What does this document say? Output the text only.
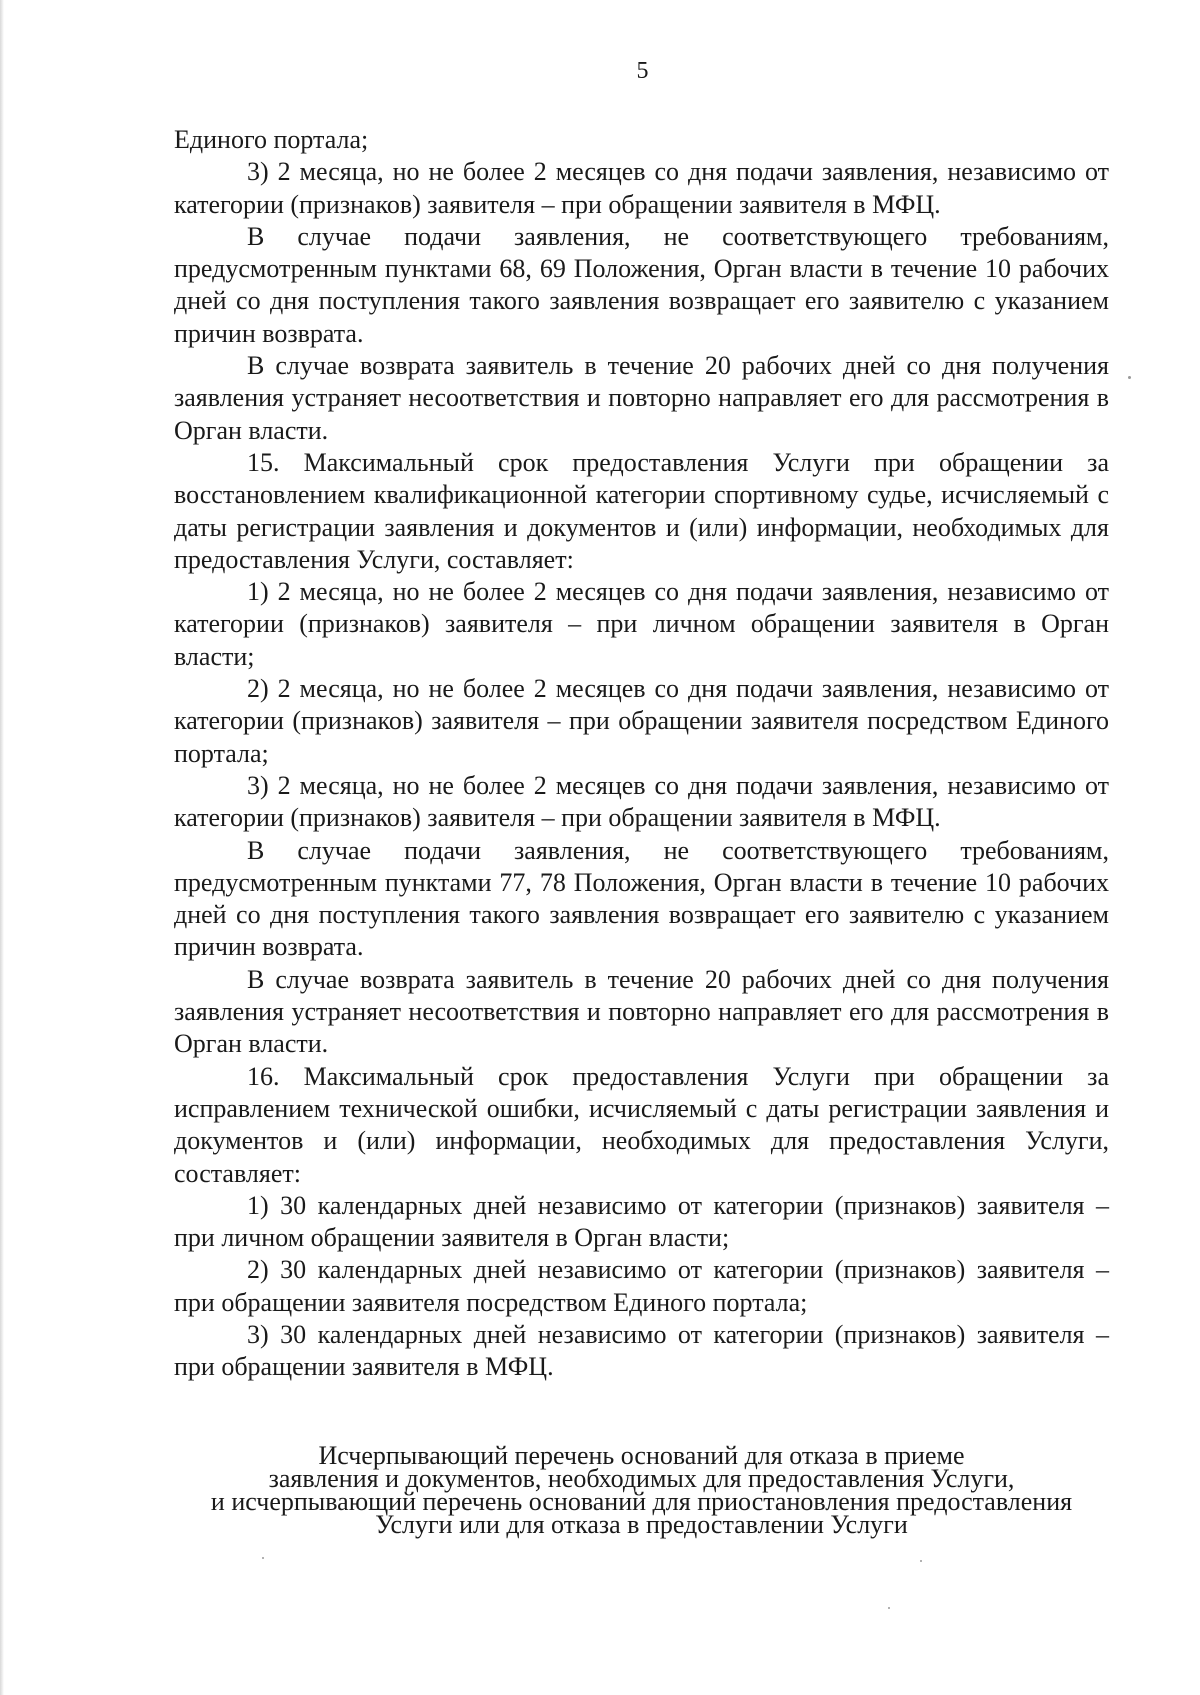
5

Единого портала;

3) 2 месяца, но не более 2 месяцев со дня подачи заявления, независимо от категории (признаков) заявителя – при обращении заявителя в МФЦ.

В случае подачи заявления, не соответствующего требованиям, предусмотренным пунктами 68, 69 Положения, Орган власти в течение 10 рабочих дней со дня поступления такого заявления возвращает его заявителю с указанием причин возврата.

В случае возврата заявитель в течение 20 рабочих дней со дня получения заявления устраняет несоответствия и повторно направляет его для рассмотрения в Орган власти.

15. Максимальный срок предоставления Услуги при обращении за восстановлением квалификационной категории спортивному судье, исчисляемый с даты регистрации заявления и документов и (или) информации, необходимых для предоставления Услуги, составляет:

1) 2 месяца, но не более 2 месяцев со дня подачи заявления, независимо от категории (признаков) заявителя – при личном обращении заявителя в Орган власти;

2) 2 месяца, но не более 2 месяцев со дня подачи заявления, независимо от категории (признаков) заявителя – при обращении заявителя посредством Единого портала;

3) 2 месяца, но не более 2 месяцев со дня подачи заявления, независимо от категории (признаков) заявителя – при обращении заявителя в МФЦ.

В случае подачи заявления, не соответствующего требованиям, предусмотренным пунктами 77, 78 Положения, Орган власти в течение 10 рабочих дней со дня поступления такого заявления возвращает его заявителю с указанием причин возврата.

В случае возврата заявитель в течение 20 рабочих дней со дня получения заявления устраняет несоответствия и повторно направляет его для рассмотрения в Орган власти.

16. Максимальный срок предоставления Услуги при обращении за исправлением технической ошибки, исчисляемый с даты регистрации заявления и документов и (или) информации, необходимых для предоставления Услуги, составляет:

1) 30 календарных дней независимо от категории (признаков) заявителя – при личном обращении заявителя в Орган власти;

2) 30 календарных дней независимо от категории (признаков) заявителя – при обращении заявителя посредством Единого портала;

3) 30 календарных дней независимо от категории (признаков) заявителя – при обращении заявителя в МФЦ.

Исчерпывающий перечень оснований для отказа в приеме
заявления и документов, необходимых для предоставления Услуги,
и исчерпывающий перечень оснований для приостановления предоставления
Услуги или для отказа в предоставлении Услуги
